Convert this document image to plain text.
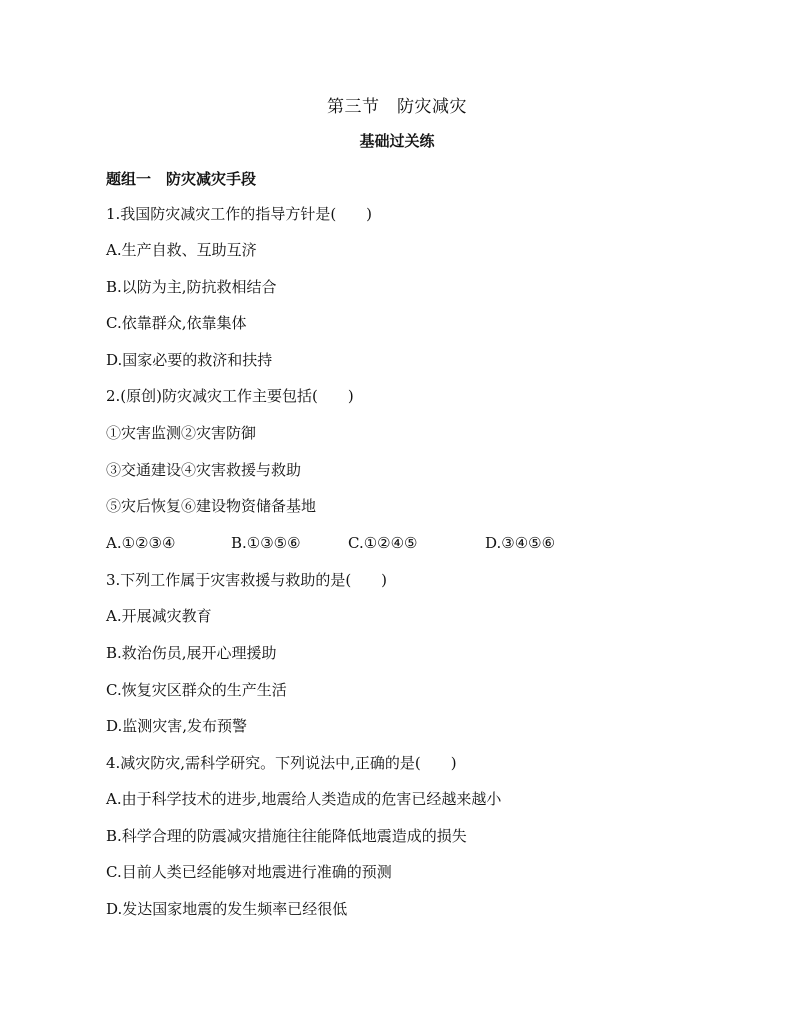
第三节　防灾减灾
基础过关练
题组一　防灾减灾手段
1.我国防灾减灾工作的指导方针是(　　)
A.生产自救、互助互济
B.以防为主,防抗救相结合
C.依靠群众,依靠集体
D.国家必要的救济和扶持
2.(原创)防灾减灾工作主要包括(　　)
①灾害监测②灾害防御
③交通建设④灾害救援与救助
⑤灾后恢复⑥建设物资储备基地
A.①②③④	B.①③⑤⑥	C.①②④⑤	D.③④⑤⑥
3.下列工作属于灾害救援与救助的是(　　)
A.开展减灾教育
B.救治伤员,展开心理援助
C.恢复灾区群众的生产生活
D.监测灾害,发布预警
4.减灾防灾,需科学研究。下列说法中,正确的是(　　)
A.由于科学技术的进步,地震给人类造成的危害已经越来越小
B.科学合理的防震减灾措施往往能降低地震造成的损失
C.目前人类已经能够对地震进行准确的预测
D.发达国家地震的发生频率已经很低
